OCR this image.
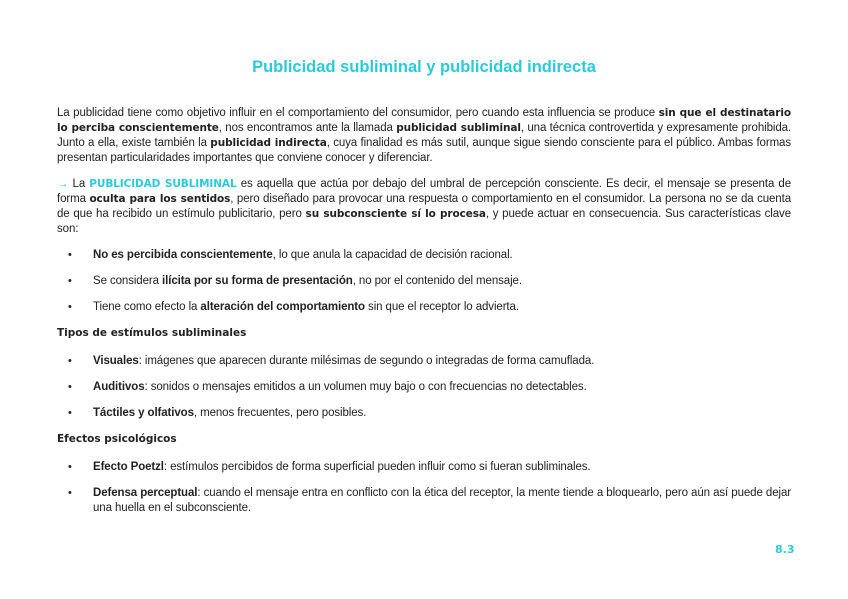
Publicidad subliminal y publicidad indirecta

La publicidad tiene como objetivo influir en el comportamiento del consumidor, pero cuando esta influencia se produce sin que el destinatario lo perciba conscientemente, nos encontramos ante la llamada publicidad subliminal, una técnica controvertida y expresamente prohibida. Junto a ella, existe también la publicidad indirecta, cuya finalidad es más sutil, aunque sigue siendo consciente para el público. Ambas formas presentan particularidades importantes que conviene conocer y diferenciar.

→ La PUBLICIDAD SUBLIMINAL es aquella que actúa por debajo del umbral de percepción consciente. Es decir, el mensaje se presenta de forma oculta para los sentidos, pero diseñado para provocar una respuesta o comportamiento en el consumidor. La persona no se da cuenta de que ha recibido un estímulo publicitario, pero su subconsciente sí lo procesa, y puede actuar en consecuencia. Sus características clave son:

• No es percibida conscientemente, lo que anula la capacidad de decisión racional.
• Se considera ilícita por su forma de presentación, no por el contenido del mensaje.
• Tiene como efecto la alteración del comportamiento sin que el receptor lo advierta.
Tipos de estímulos subliminales
• Visuales: imágenes que aparecen durante milésimas de segundo o integradas de forma camuflada.
• Auditivos: sonidos o mensajes emitidos a un volumen muy bajo o con frecuencias no detectables.
• Táctiles y olfativos, menos frecuentes, pero posibles.
Efectos psicológicos
• Efecto Poetzl: estímulos percibidos de forma superficial pueden influir como si fueran subliminales.
• Defensa perceptual: cuando el mensaje entra en conflicto con la ética del receptor, la mente tiende a bloquearlo, pero aún así puede dejar una huella en el subconsciente.
8.3
